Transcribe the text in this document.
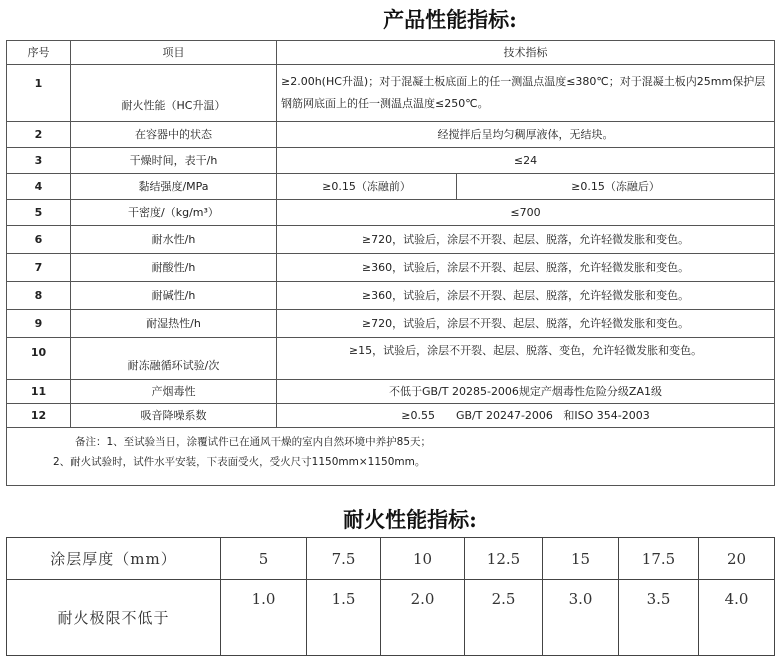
产品性能指标:
序号	项目	技术指标	
1	耐火性能（HC升温）	≥2.00h(HC升温)；对于混凝土板底面上的任一测温点温度≤380℃；对于混凝土板内25mm保护层钢筋网底面上的任一测温点温度≤250℃。	
2	在容器中的状态	经搅拌后呈均匀稠厚液体，无结块。	
3	干燥时间，表干/h	≤24	
4	黏结强度/MPa	≥0.15（冻融前）	≥0.15（冻融后）
5	干密度/（kg/m³）	≤700	
6	耐水性/h	≥720，试验后，涂层不开裂、起层、脱落，允许轻微发胀和变色。	
7	耐酸性/h	≥360，试验后，涂层不开裂、起层、脱落，允许轻微发胀和变色。	
8	耐碱性/h	≥360，试验后，涂层不开裂、起层、脱落，允许轻微发胀和变色。	
9	耐湿热性/h	≥720，试验后，涂层不开裂、起层、脱落，允许轻微发胀和变色。	
10	耐冻融循环试验/次	≥15，试验后，涂层不开裂、起层、脱落、变色，允许轻微发胀和变色。	
11	产烟毒性	不低于GB/T 20285-2006规定产烟毒性危险分级ZA1级	
12	吸音降噪系数	≥0.55      GB/T 20247-2006   和ISO 354-2003	

备注：1、至试验当日，涂覆试件已在通风干燥的室内自然环境中养护85天；
2、耐火试验时，试件水平安装，下表面受火，受火尺寸1150mm×1150mm。			
耐火性能指标:
涂层厚度（mm）	5	7.5	10	12.5	15	17.5	20
耐火极限不低于	1.0	1.5	2.0	2.5	3.0	3.5	4.0
